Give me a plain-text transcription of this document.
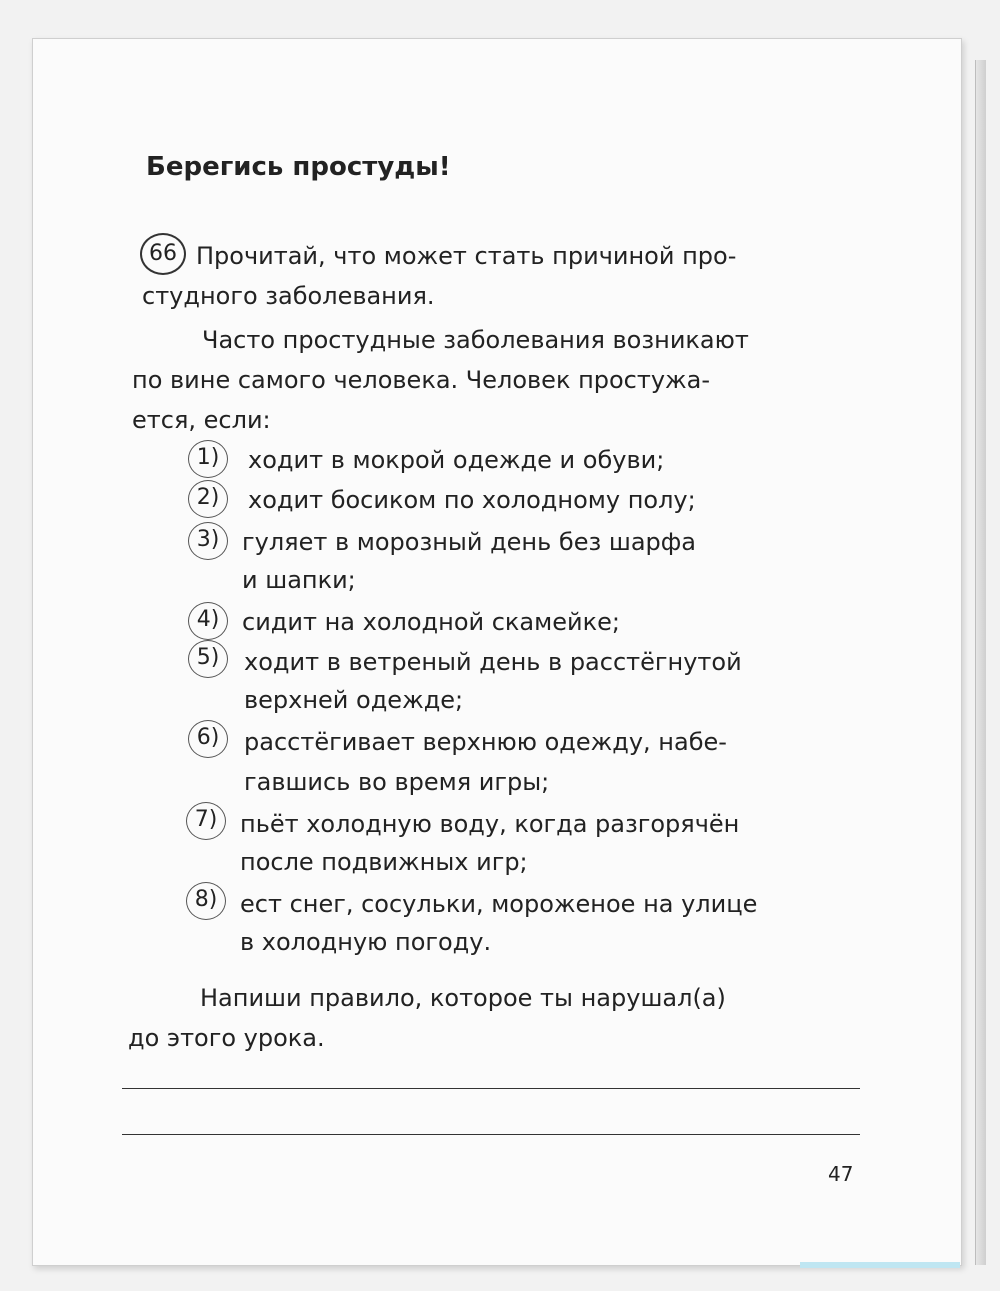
Берегись простуды!
66 Прочитай, что может стать причиной про-

студного заболевания.

Часто простудные заболевания возникают

по вине самого человека. Человек простужа-

ется, если:

1)	ходит в мокрой одежде и обуви;

2)	ходит босиком по холодному полу;

3) гуляет в морозный день без шарфа

и шапки;

4) сидит на холодной скамейке;

5)	ходит в ветреный день в расстёгнутой

верхней одежде;

6)	расстёгивает верхнюю одежду, набе-

гавшись во время игры;

7) пьёт холодную воду, когда разгорячён

после подвижных игр;

8) ест снег, сосульки, мороженое на улице

в холодную погоду.

Напиши правило, которое ты нарушал(а)

до этого урока.

47
